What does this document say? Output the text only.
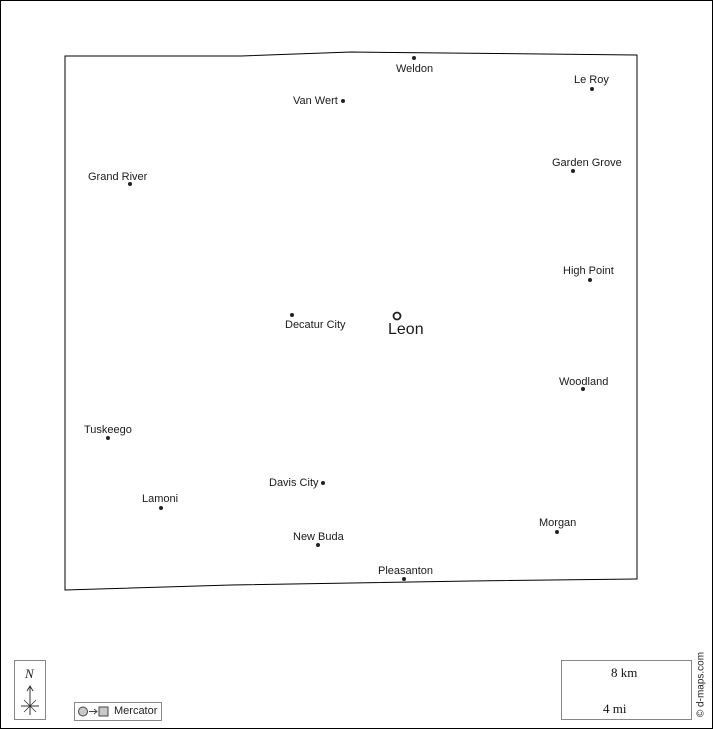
Weldon
Le Roy
Van Wert
Grand River
Garden Grove
High Point
Decatur City	Leon
Woodland
Tuskeego
Davis City
Lamoni
Morgan
New Buda
Pleasanton
N
Mercator
8 km
4 mi	© d-maps.com
